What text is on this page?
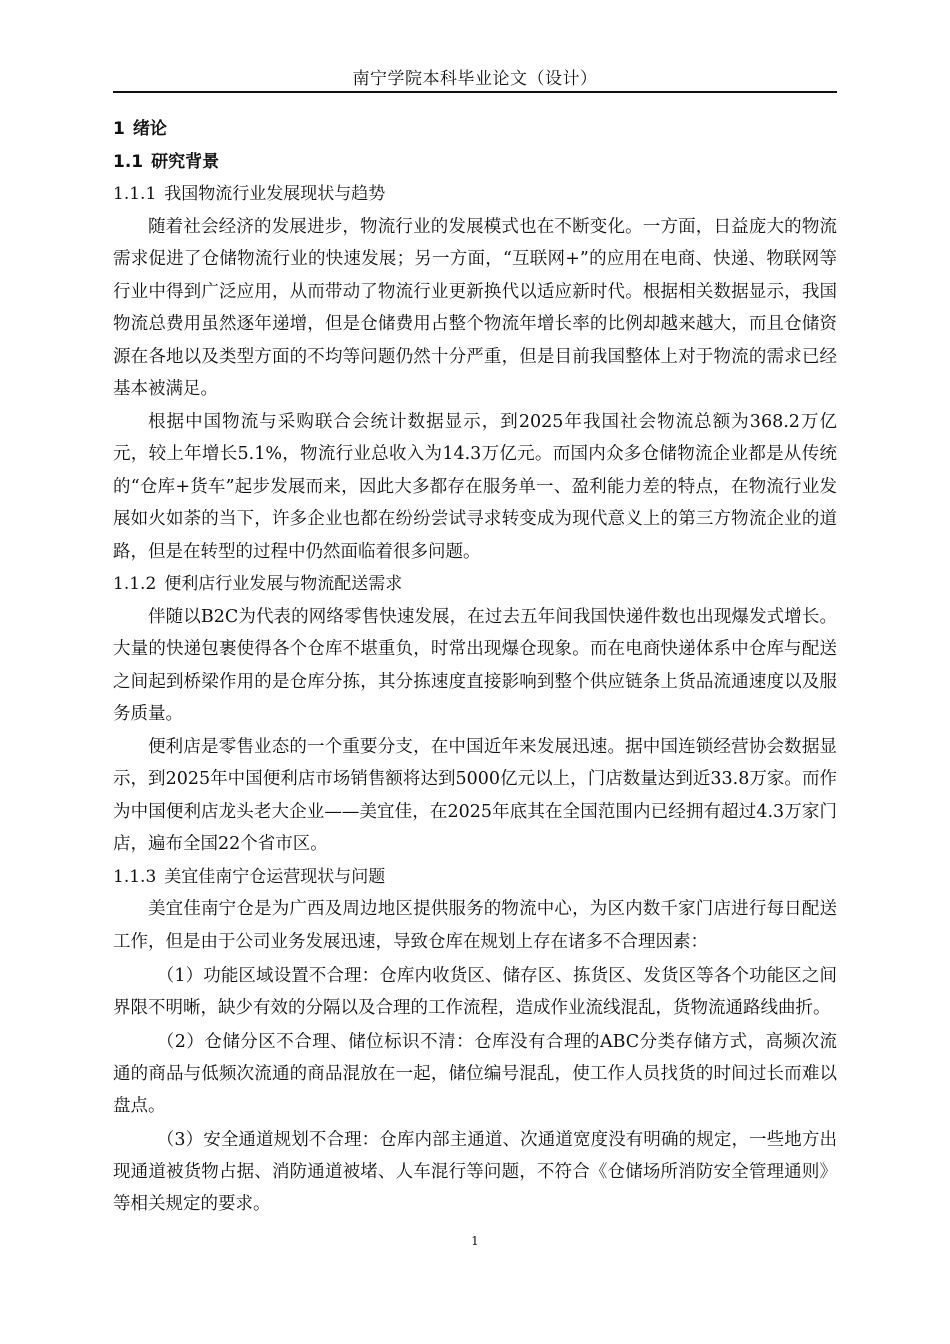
南宁学院本科毕业论文（设计）
1 绪论
1.1 研究背景
1.1.1 我国物流行业发展现状与趋势

随着社会经济的发展进步，物流行业的发展模式也在不断变化。一方面，日益庞大的物流需求促进了仓储物流行业的快速发展；另一方面，“互联网+”的应用在电商、快递、物联网等行业中得到广泛应用，从而带动了物流行业更新换代以适应新时代。根据相关数据显示，我国物流总费用虽然逐年递增，但是仓储费用占整个物流年增长率的比例却越来越大，而且仓储资源在各地以及类型方面的不均等问题仍然十分严重，但是目前我国整体上对于物流的需求已经基本被满足。

根据中国物流与采购联合会统计数据显示，到2025年我国社会物流总额为368.2万亿元，较上年增长5.1%，物流行业总收入为14.3万亿元。而国内众多仓储物流企业都是从传统的“仓库+货车”起步发展而来，因此大多都存在服务单一、盈利能力差的特点，在物流行业发展如火如荼的当下，许多企业也都在纷纷尝试寻求转变成为现代意义上的第三方物流企业的道路，但是在转型的过程中仍然面临着很多问题。

1.1.2 便利店行业发展与物流配送需求

伴随以B2C为代表的网络零售快速发展，在过去五年间我国快递件数也出现爆发式增长。大量的快递包裹使得各个仓库不堪重负，时常出现爆仓现象。而在电商快递体系中仓库与配送之间起到桥梁作用的是仓库分拣，其分拣速度直接影响到整个供应链条上货品流通速度以及服务质量。

便利店是零售业态的一个重要分支，在中国近年来发展迅速。据中国连锁经营协会数据显示，到2025年中国便利店市场销售额将达到5000亿元以上，门店数量达到近33.8万家。而作为中国便利店龙头老大企业——美宜佳，在2025年底其在全国范围内已经拥有超过4.3万家门店，遍布全国22个省市区。

1.1.3 美宜佳南宁仓运营现状与问题

美宜佳南宁仓是为广西及周边地区提供服务的物流中心，为区内数千家门店进行每日配送工作，但是由于公司业务发展迅速，导致仓库在规划上存在诸多不合理因素：

（1）功能区域设置不合理：仓库内收货区、储存区、拣货区、发货区等各个功能区之间界限不明晰，缺少有效的分隔以及合理的工作流程，造成作业流线混乱，货物流通路线曲折。

（2）仓储分区不合理、储位标识不清：仓库没有合理的ABC分类存储方式，高频次流通的商品与低频次流通的商品混放在一起，储位编号混乱，使工作人员找货的时间过长而难以盘点。

（3）安全通道规划不合理：仓库内部主通道、次通道宽度没有明确的规定，一些地方出现通道被货物占据、消防通道被堵、人车混行等问题，不符合《仓储场所消防安全管理通则》等相关规定的要求。

1
